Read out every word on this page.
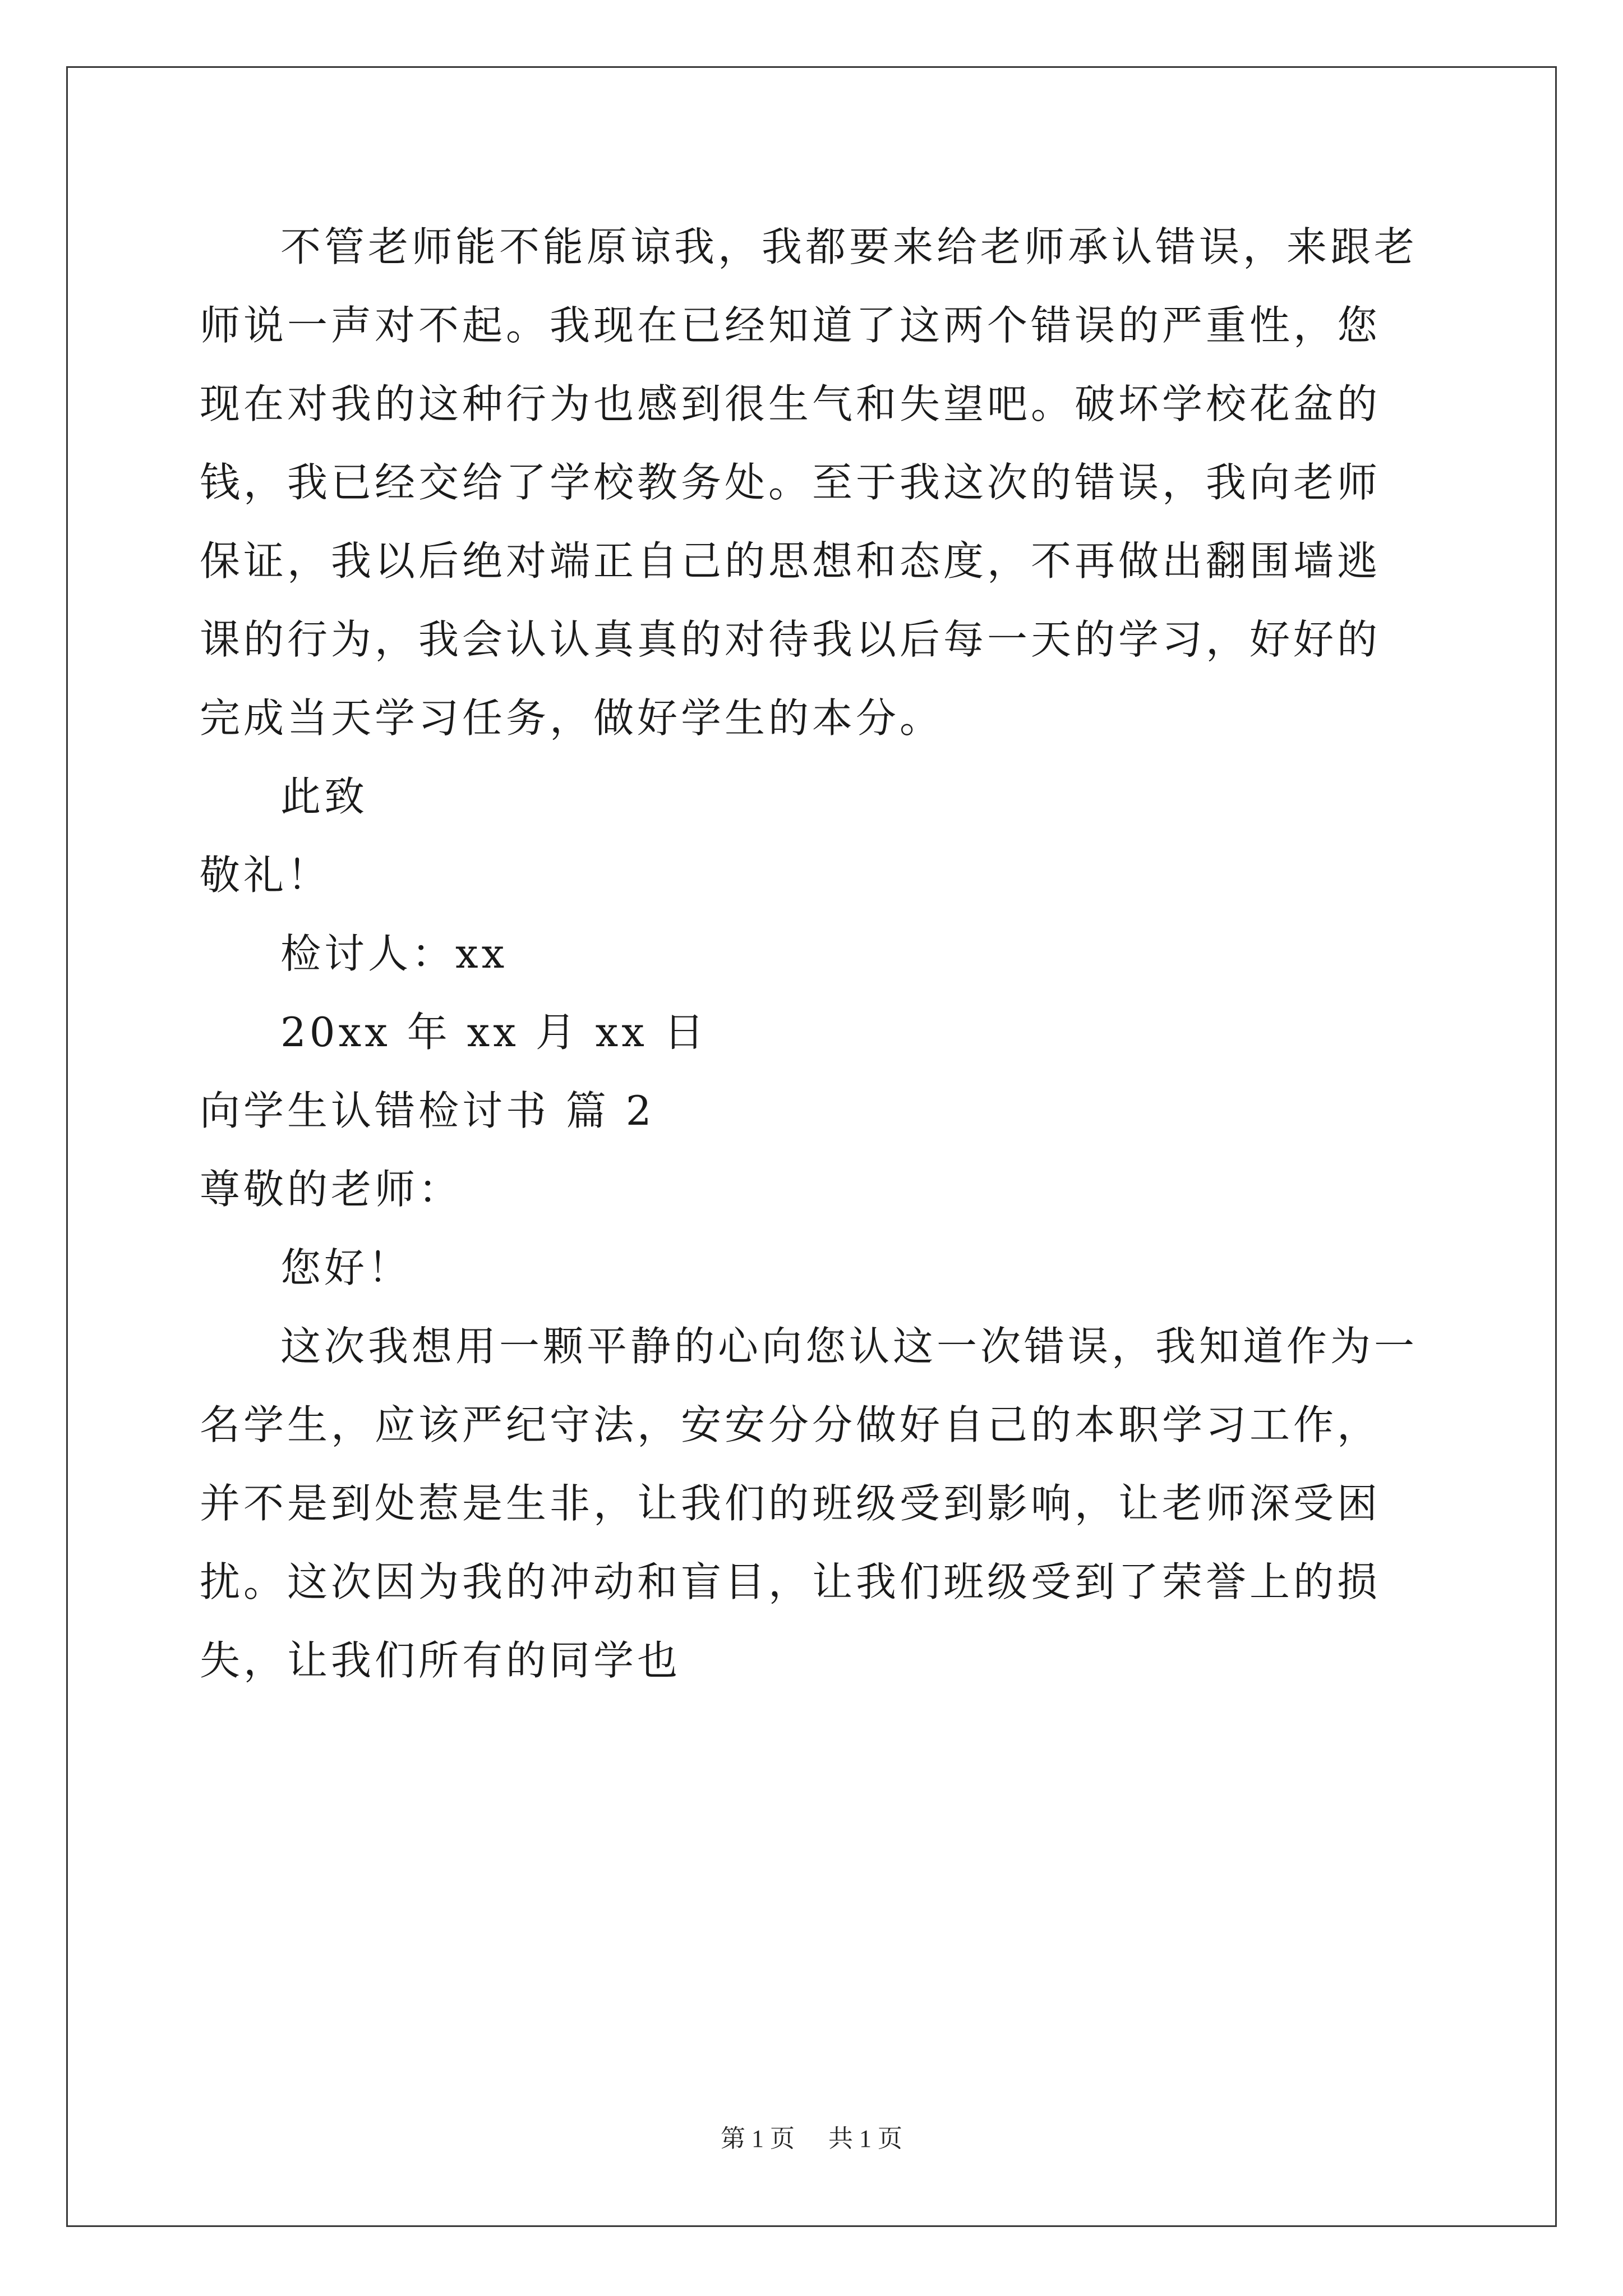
不管老师能不能原谅我，我都要来给老师承认错误，来跟老师说一声对不起。我现在已经知道了这两个错误的严重性，您现在对我的这种行为也感到很生气和失望吧。破坏学校花盆的钱，我已经交给了学校教务处。至于我这次的错误，我向老师保证，我以后绝对端正自己的思想和态度，不再做出翻围墙逃课的行为，我会认认真真的对待我以后每一天的学习，好好的完成当天学习任务，做好学生的本分。

此致

敬礼！

检讨人：xx

20xx 年 xx 月 xx 日

向学生认错检讨书 篇 2

尊敬的老师：

您好！

这次我想用一颗平静的心向您认这一次错误，我知道作为一名学生，应该严纪守法，安安分分做好自己的本职学习工作，并不是到处惹是生非，让我们的班级受到影响，让老师深受困扰。这次因为我的冲动和盲目，让我们班级受到了荣誉上的损失，让我们所有的同学也

第 1 页 共 1 页
